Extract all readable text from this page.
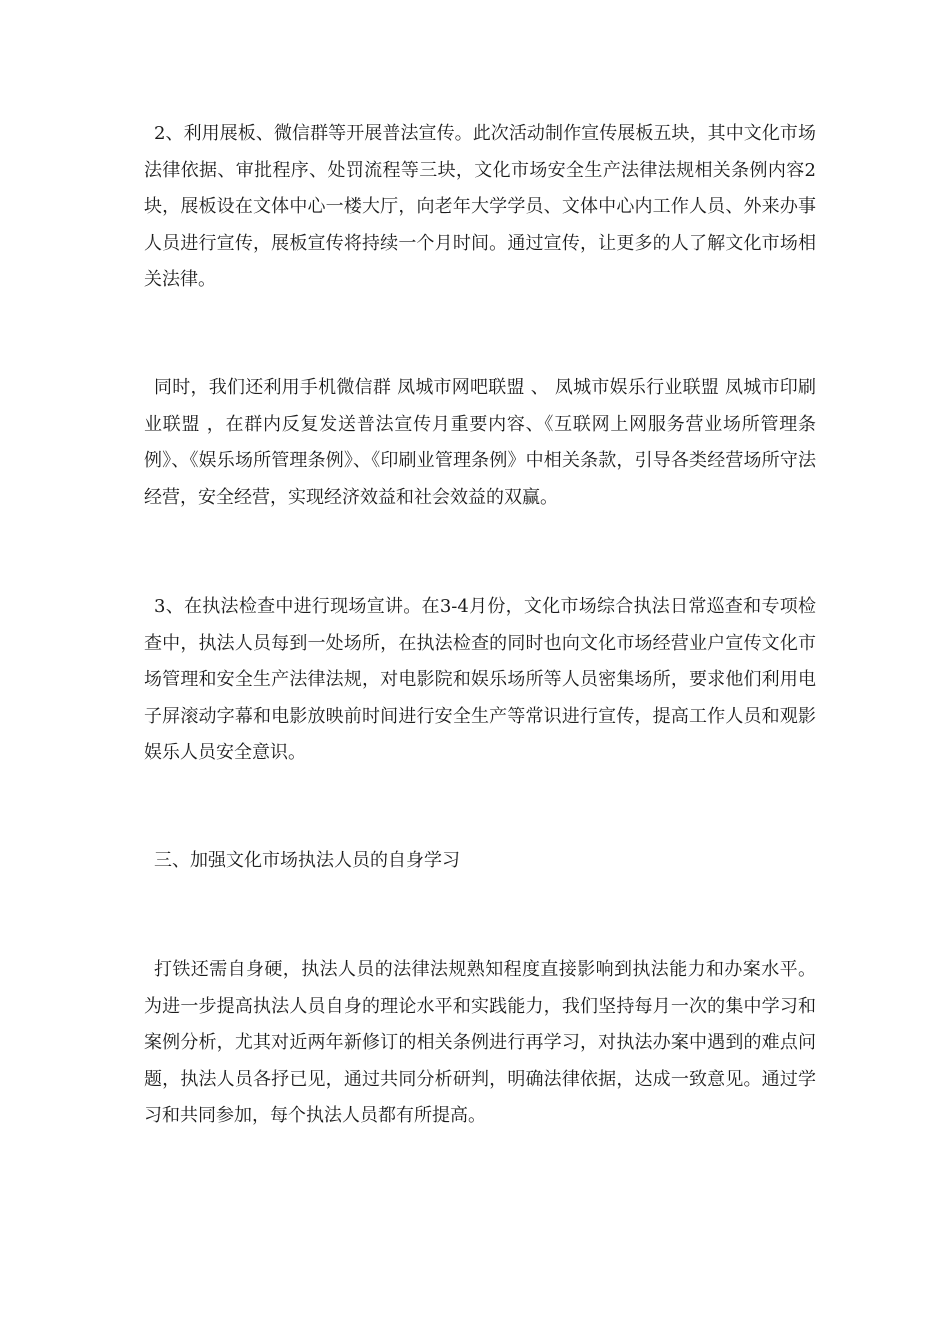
2、利用展板、微信群等开展普法宣传。此次活动制作宣传展板五块，其中文化市场法律依据、审批程序、处罚流程等三块，文化市场安全生产法律法规相关条例内容2块，展板设在文体中心一楼大厅，向老年大学学员、文体中心内工作人员、外来办事人员进行宣传，展板宣传将持续一个月时间。通过宣传，让更多的人了解文化市场相关法律。

同时，我们还利用手机微信群 凤城市网吧联盟 、 凤城市娱乐行业联盟 凤城市印刷业联盟 ，在群内反复发送普法宣传月重要内容、《互联网上网服务营业场所管理条例》、《娱乐场所管理条例》、《印刷业管理条例》中相关条款，引导各类经营场所守法经营，安全经营，实现经济效益和社会效益的双赢。

3、在执法检查中进行现场宣讲。在3-4月份，文化市场综合执法日常巡查和专项检查中，执法人员每到一处场所，在执法检查的同时也向文化市场经营业户宣传文化市场管理和安全生产法律法规，对电影院和娱乐场所等人员密集场所，要求他们利用电子屏滚动字幕和电影放映前时间进行安全生产等常识进行宣传，提高工作人员和观影娱乐人员安全意识。

三、加强文化市场执法人员的自身学习

打铁还需自身硬，执法人员的法律法规熟知程度直接影响到执法能力和办案水平。为进一步提高执法人员自身的理论水平和实践能力，我们坚持每月一次的集中学习和案例分析，尤其对近两年新修订的相关条例进行再学习，对执法办案中遇到的难点问题，执法人员各抒已见，通过共同分析研判，明确法律依据，达成一致意见。通过学习和共同参加，每个执法人员都有所提高。
